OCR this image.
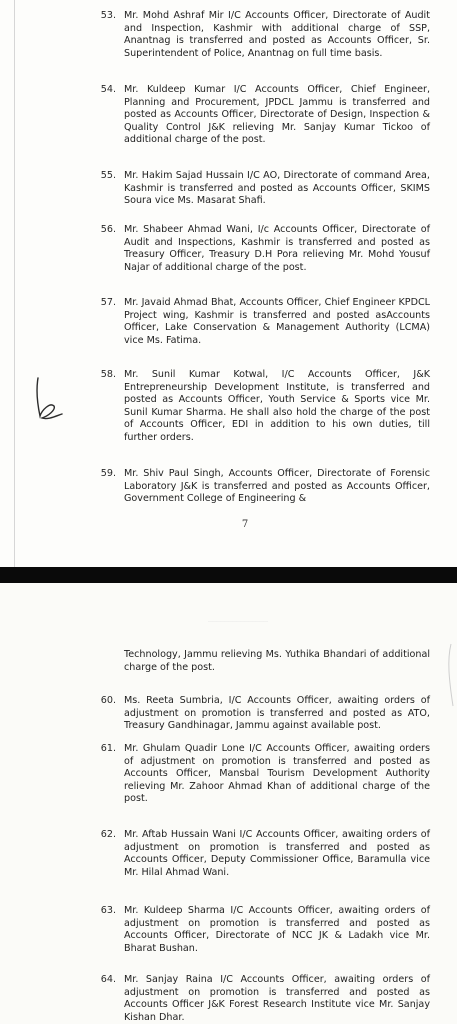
53. Mr. Mohd Ashraf Mir I/C Accounts Officer, Directorate of Audit and Inspection, Kashmir with additional charge of SSP, Anantnag is transferred and posted as Accounts Officer, Sr. Superintendent of Police, Anantnag on full time basis.
54. Mr. Kuldeep Kumar I/C Accounts Officer, Chief Engineer, Planning and Procurement, JPDCL Jammu is transferred and posted as Accounts Officer, Directorate of Design, Inspection & Quality Control J&K relieving Mr. Sanjay Kumar Tickoo of additional charge of the post.
55. Mr. Hakim Sajad Hussain I/C AO, Directorate of command Area, Kashmir is transferred and posted as Accounts Officer, SKIMS Soura vice Ms. Masarat Shafi.
56. Mr. Shabeer Ahmad Wani, I/c Accounts Officer, Directorate of Audit and Inspections, Kashmir is transferred and posted as Treasury Officer, Treasury D.H Pora relieving Mr. Mohd Yousuf Najar of additional charge of the post.
57. Mr. Javaid Ahmad Bhat, Accounts Officer, Chief Engineer KPDCL Project wing, Kashmir is transferred and posted asAccounts Officer, Lake Conservation & Management Authority (LCMA) vice Ms. Fatima.
58. Mr. Sunil Kumar Kotwal, I/C Accounts Officer, J&K Entrepreneurship Development Institute, is transferred and posted as Accounts Officer, Youth Service & Sports vice Mr. Sunil Kumar Sharma. He shall also hold the charge of the post of Accounts Officer, EDI in addition to his own duties, till further orders.
59. Mr. Shiv Paul Singh, Accounts Officer, Directorate of Forensic Laboratory J&K is transferred and posted as Accounts Officer, Government College of Engineering &
7
Technology, Jammu relieving Ms. Yuthika Bhandari of additional charge of the post.
60. Ms. Reeta Sumbria, I/C Accounts Officer, awaiting orders of adjustment on promotion is transferred and posted as ATO, Treasury Gandhinagar, Jammu against available post.
61. Mr. Ghulam Quadir Lone I/C Accounts Officer, awaiting orders of adjustment on promotion is transferred and posted as Accounts Officer, Mansbal Tourism Development Authority relieving Mr. Zahoor Ahmad Khan of additional charge of the post.
62. Mr. Aftab Hussain Wani I/C Accounts Officer, awaiting orders of adjustment on promotion is transferred and posted as Accounts Officer, Deputy Commissioner Office, Baramulla vice Mr. Hilal Ahmad Wani.
63. Mr. Kuldeep Sharma I/C Accounts Officer, awaiting orders of adjustment on promotion is transferred and posted as Accounts Officer, Directorate of NCC JK & Ladakh vice Mr. Bharat Bushan.
64. Mr. Sanjay Raina I/C Accounts Officer, awaiting orders of adjustment on promotion is transferred and posted as Accounts Officer J&K Forest Research Institute vice Mr. Sanjay Kishan Dhar.
